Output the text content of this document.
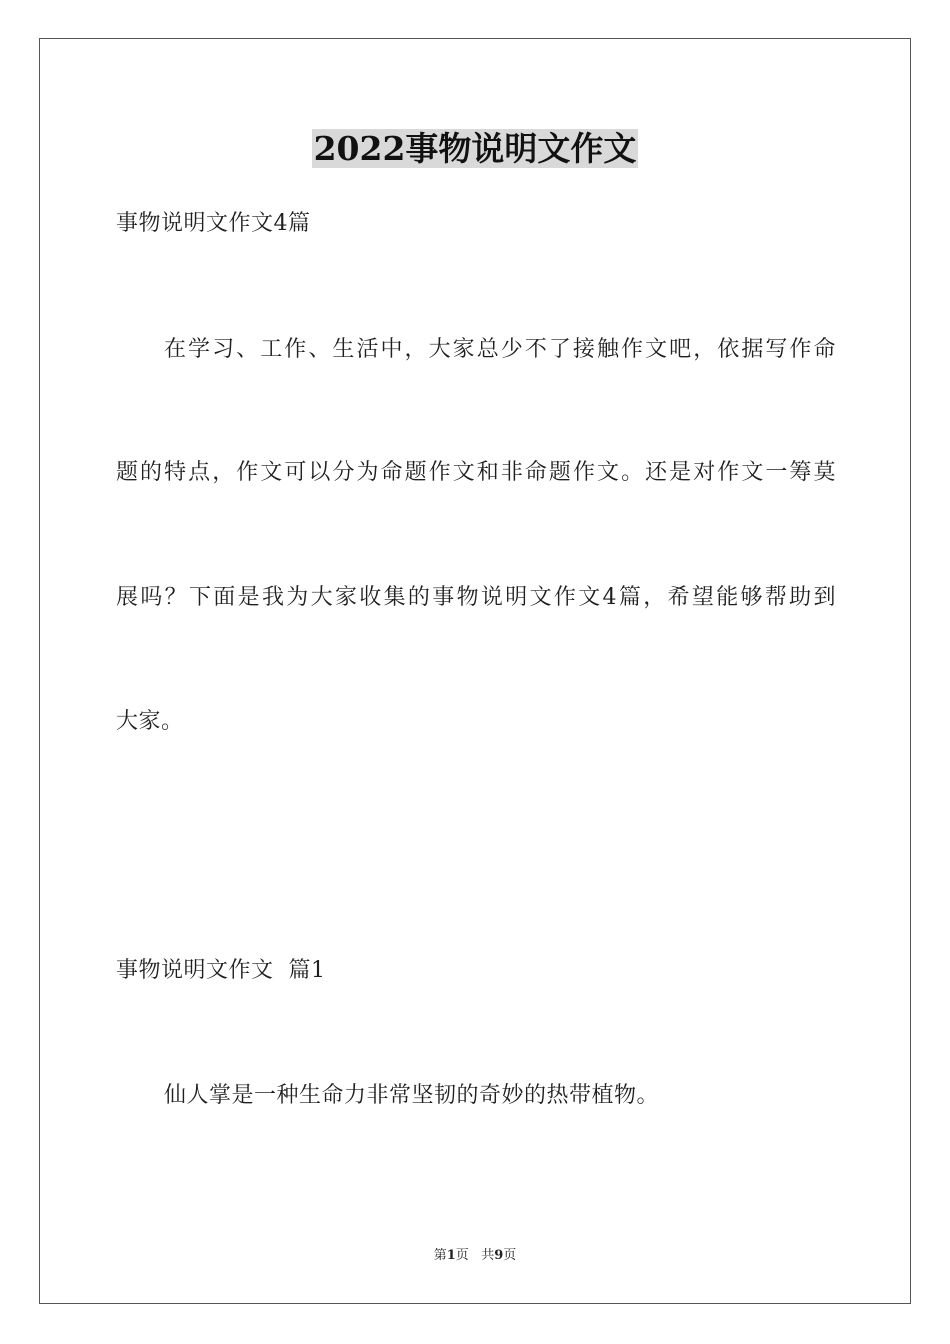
2022事物说明文作文
事物说明文作文4篇
在学习、工作、生活中，大家总少不了接触作文吧，依据写作命
题的特点，作文可以分为命题作文和非命题作文。还是对作文一筹莫
展吗？下面是我为大家收集的事物说明文作文4篇，希望能够帮助到
大家。
事物说明文作文  篇1
仙人掌是一种生命力非常坚韧的奇妙的热带植物。
第1页   共9页
